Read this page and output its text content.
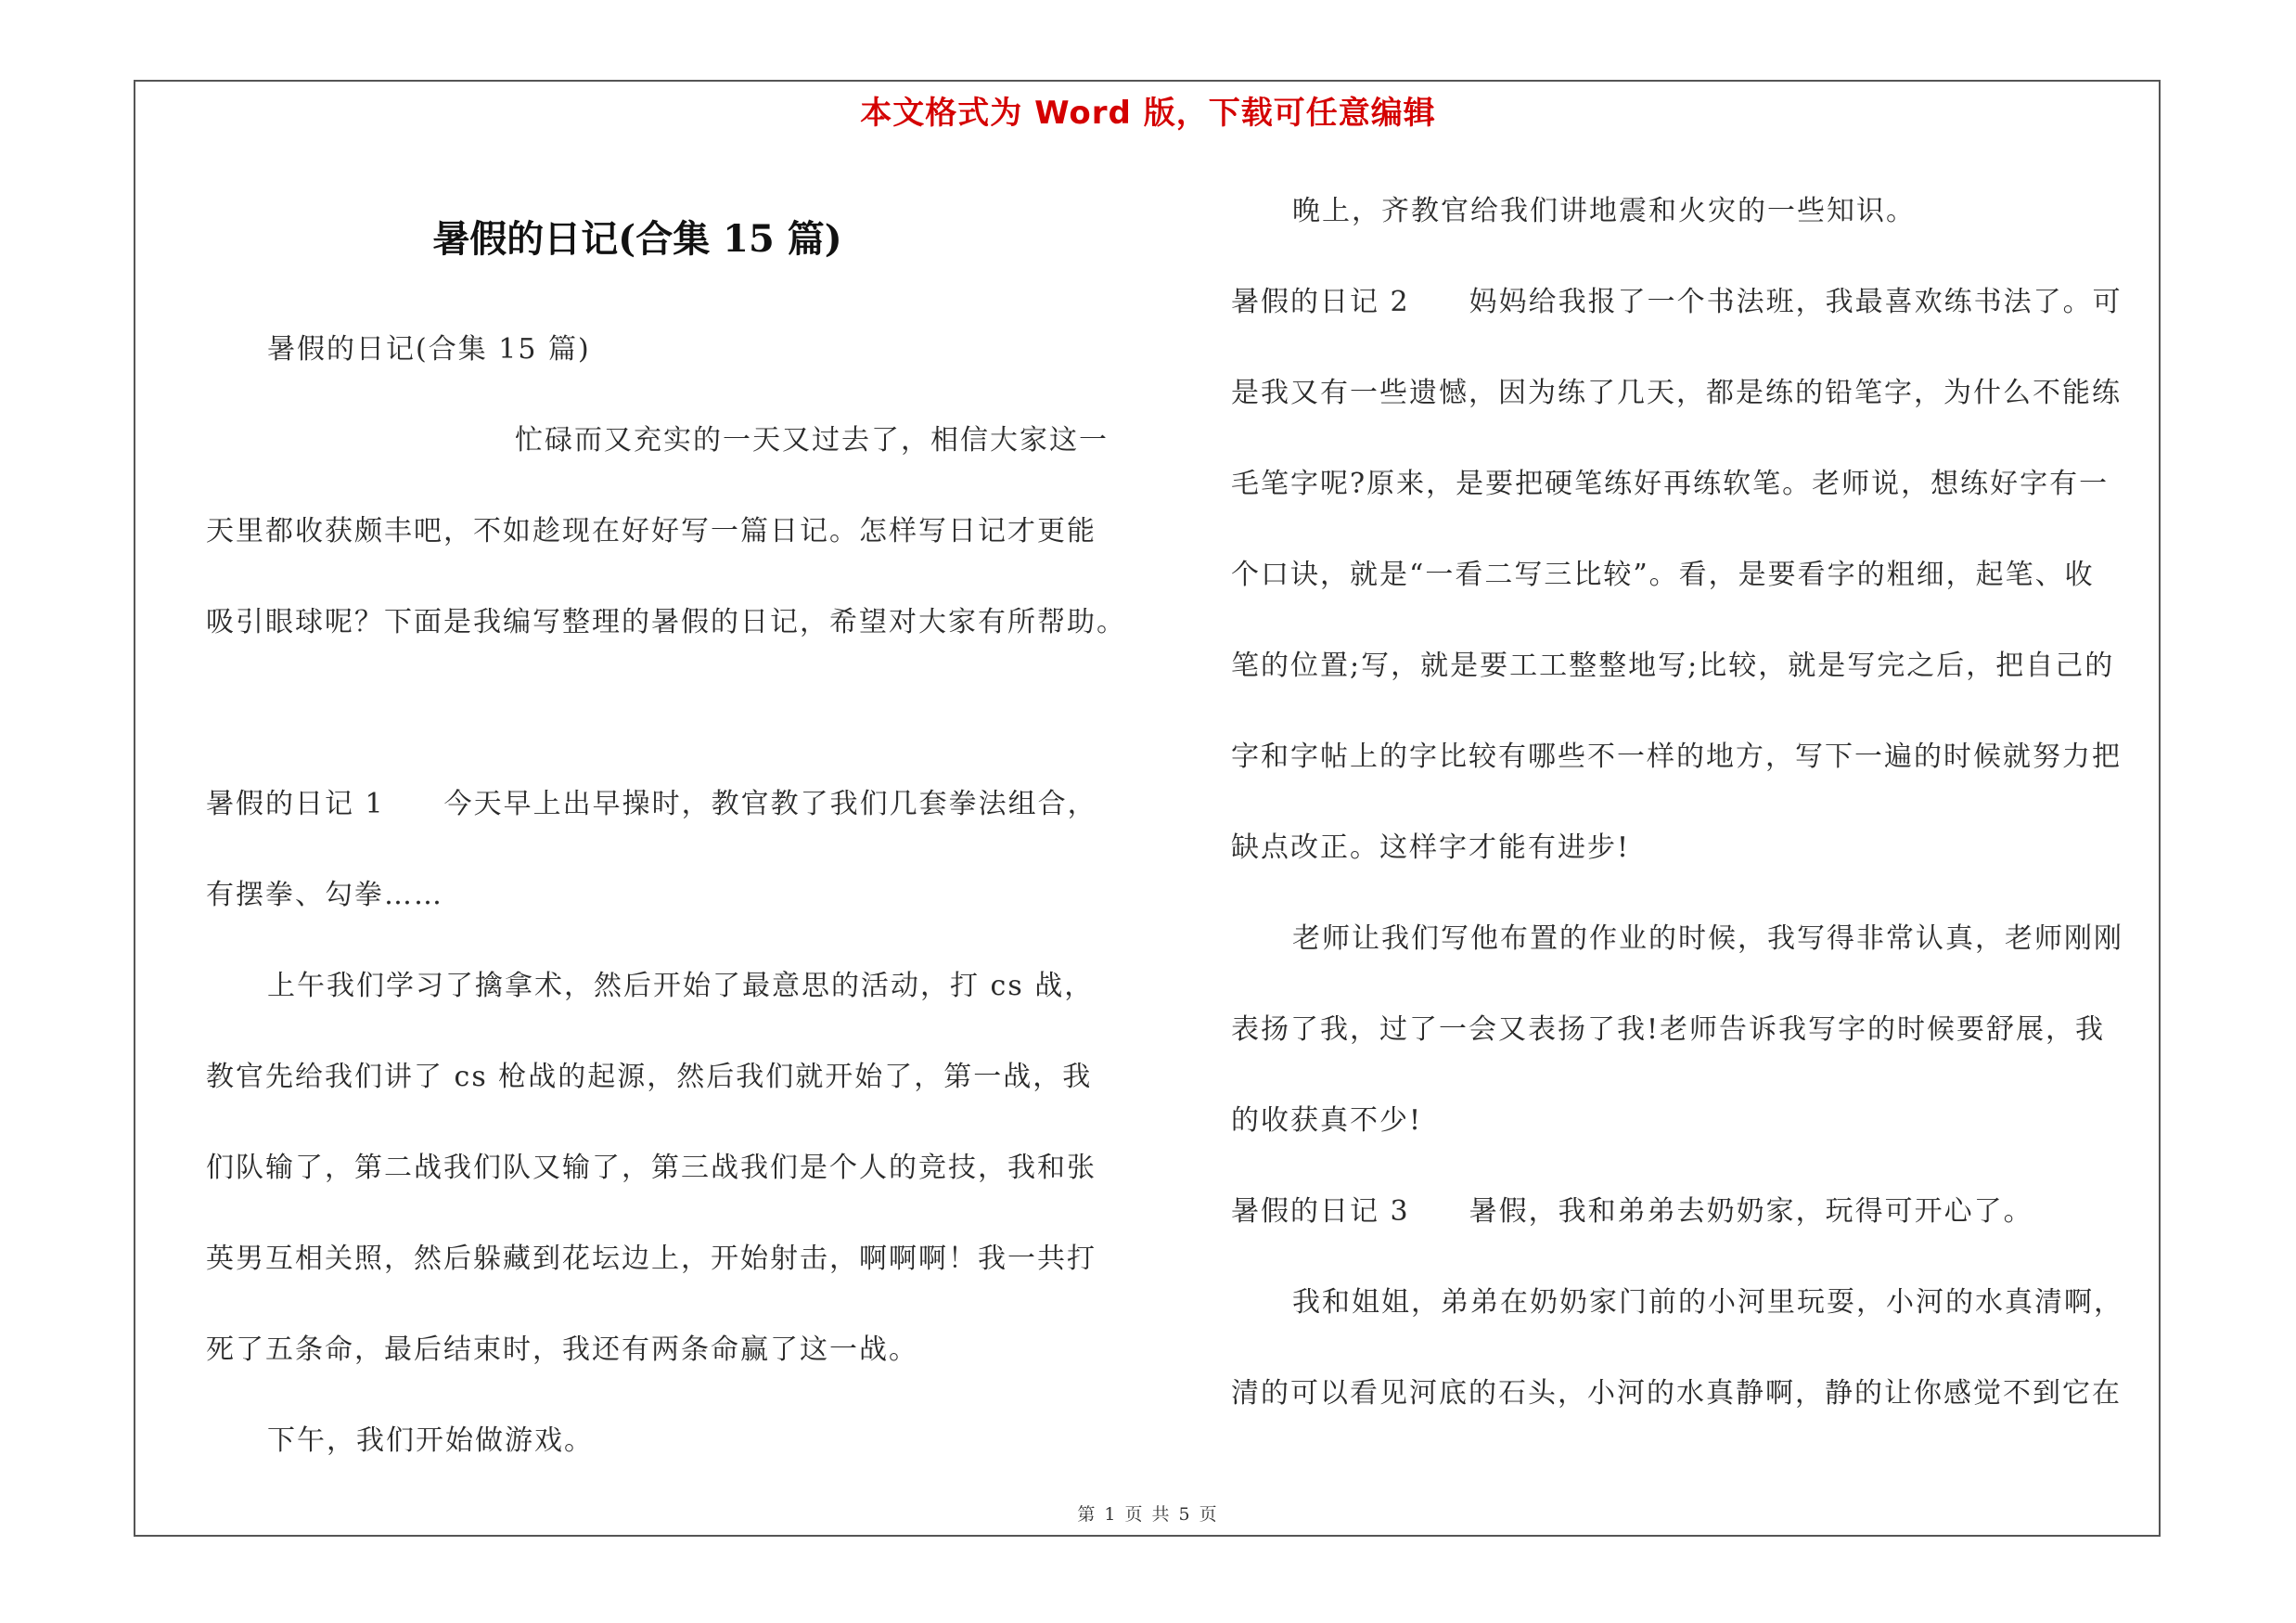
本文格式为 Word 版，下载可任意编辑
暑假的日记(合集 15 篇)
暑假的日记(合集 15 篇)
忙碌而又充实的一天又过去了，相信大家这一
天里都收获颇丰吧，不如趁现在好好写一篇日记。怎样写日记才更能
吸引眼球呢？下面是我编写整理的暑假的日记，希望对大家有所帮助。
暑假的日记 1　　今天早上出早操时，教官教了我们几套拳法组合，
有摆拳、勾拳……
上午我们学习了擒拿术，然后开始了最意思的活动，打 cs 战，
教官先给我们讲了 cs 枪战的起源，然后我们就开始了，第一战，我
们队输了，第二战我们队又输了，第三战我们是个人的竞技，我和张
英男互相关照，然后躲藏到花坛边上，开始射击，啊啊啊！我一共打
死了五条命，最后结束时，我还有两条命赢了这一战。
下午，我们开始做游戏。
晚上，齐教官给我们讲地震和火灾的一些知识。
暑假的日记 2　　妈妈给我报了一个书法班，我最喜欢练书法了。可
是我又有一些遗憾，因为练了几天，都是练的铅笔字，为什么不能练
毛笔字呢?原来，是要把硬笔练好再练软笔。老师说，想练好字有一
个口诀，就是“一看二写三比较”。看，是要看字的粗细，起笔、收
笔的位置;写，就是要工工整整地写;比较，就是写完之后，把自己的
字和字帖上的字比较有哪些不一样的地方，写下一遍的时候就努力把
缺点改正。这样字才能有进步!
老师让我们写他布置的作业的时候，我写得非常认真，老师刚刚
表扬了我，过了一会又表扬了我!老师告诉我写字的时候要舒展，我
的收获真不少!
暑假的日记 3　　暑假，我和弟弟去奶奶家，玩得可开心了。
我和姐姐，弟弟在奶奶家门前的小河里玩耍，小河的水真清啊，
清的可以看见河底的石头，小河的水真静啊，静的让你感觉不到它在
第 1 页 共 5 页
